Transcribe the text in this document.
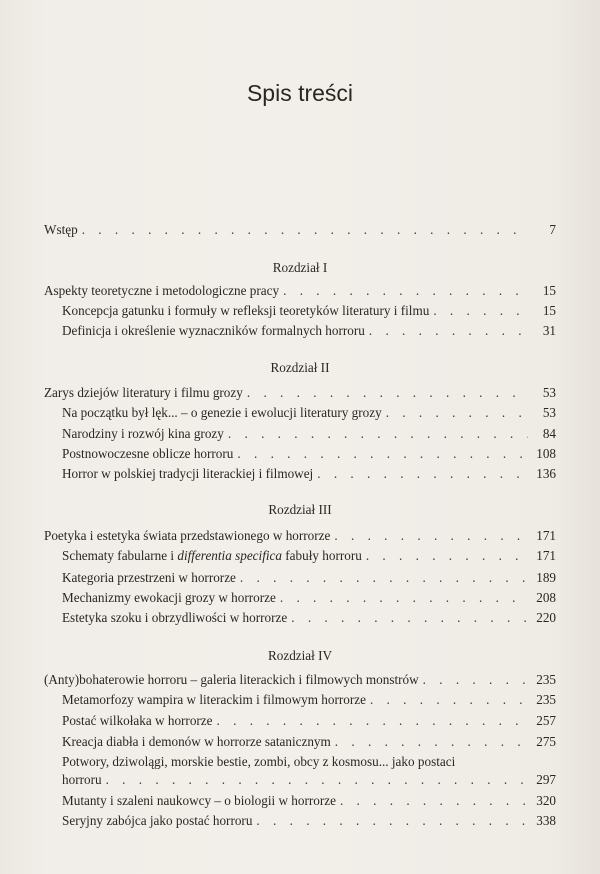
Spis treści
Wstęp . . .	7
Rozdział I
Aspekty teoretyczne i metodologiczne pracy . . .	15
Koncepcja gatunku i formuły w refleksji teoretyków literatury i filmu . . .	15
Definicja i określenie wyznaczników formalnych horroru . . .	31
Rozdział II
Zarys dziejów literatury i filmu grozy . . .	53
Na początku był lęk... – o genezie i ewolucji literatury grozy . . .	53
Narodziny i rozwój kina grozy . . .	84
Postnowoczesne oblicze horroru . . .	108
Horror w polskiej tradycji literackiej i filmowej . . .	136
Rozdział III
Poetyka i estetyka świata przedstawionego w horrorze . . .	171
Schematy fabularne i differentia specifica fabuły horroru . . .	171
Kategoria przestrzeni w horrorze . . .	189
Mechanizmy ewokacji grozy w horrorze . . .	208
Estetyka szoku i obrzydliwości w horrorze . . .	220
Rozdział IV
(Anty)bohaterowie horroru – galeria literackich i filmowych monstrów . . .	235
Metamorfozy wampira w literackim i filmowym horrorze . . .	235
Postać wilkołaka w horrorze . . .	257
Kreacja diabła i demonów w horrorze satanicznym . . .	275
Potwory, dziwolągi, morskie bestie, zombi, obcy z kosmosu... jako postaci
horroru . . .	297
Mutanty i szaleni naukowcy – o biologii w horrorze . . .	320
Seryjny zabójca jako postać horroru . . .	338
